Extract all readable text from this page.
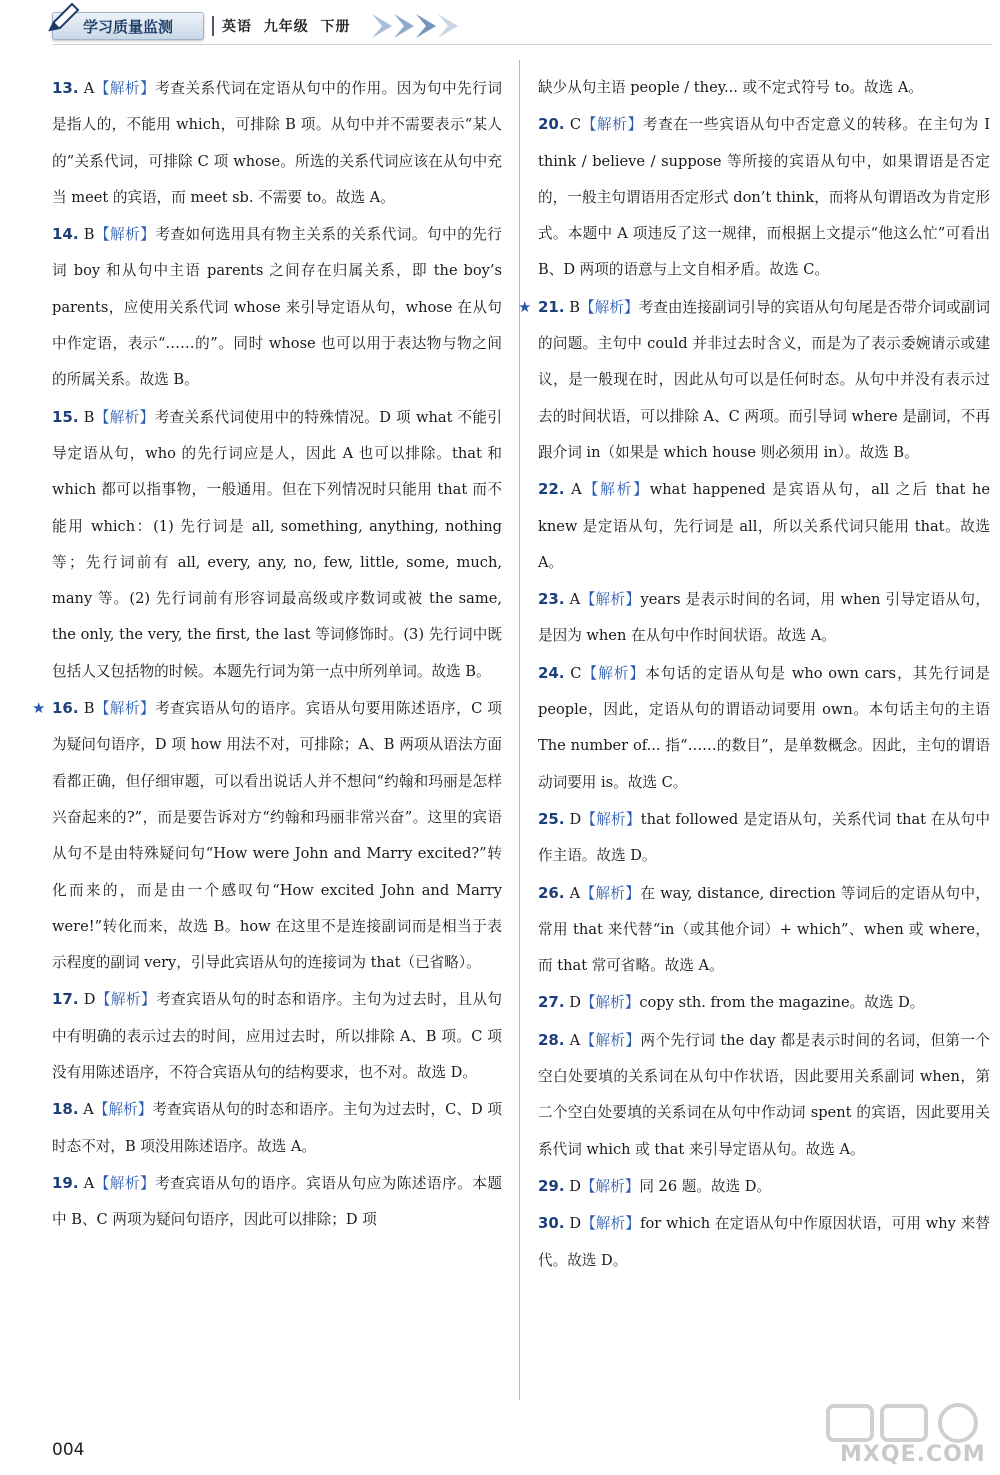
学习质量监测	英语 九年级 下册
13. A【解析】考查关系代词在定语从句中的作用。因为句中先行词是指人的，不能用 which，可排除 B 项。从句中并不需要表示“某人的”关系代词，可排除 C 项 whose。所选的关系代词应该在从句中充当 meet 的宾语，而 meet sb. 不需要 to。故选 A。
14. B【解析】考查如何选用具有物主关系的关系代词。句中的先行词 boy 和从句中主语 parents 之间存在归属关系，即 the boy’s parents，应使用关系代词 whose 来引导定语从句，whose 在从句中作定语，表示“……的”。同时 whose 也可以用于表达物与物之间的所属关系。故选 B。
15. B【解析】考查关系代词使用中的特殊情况。D 项 what 不能引导定语从句，who 的先行词应是人，因此 A 也可以排除。that 和 which 都可以指事物，一般通用。但在下列情况时只能用 that 而不能用 which：(1) 先行词是 all, something, anything, nothing 等；先行词前有 all, every, any, no, few, little, some, much, many 等。(2) 先行词前有形容词最高级或序数词或被 the same, the only, the very, the first, the last 等词修饰时。(3) 先行词中既包括人又包括物的时候。本题先行词为第一点中所列单词。故选 B。
★ 16. B【解析】考查宾语从句的语序。宾语从句要用陈述语序，C 项为疑问句语序，D 项 how 用法不对，可排除；A、B 两项从语法方面看都正确，但仔细审题，可以看出说话人并不想问“约翰和玛丽是怎样兴奋起来的?”，而是要告诉对方“约翰和玛丽非常兴奋”。这里的宾语从句不是由特殊疑问句“How were John and Marry excited?”转化而来的，而是由一个感叹句“How excited John and Marry were!”转化而来，故选 B。how 在这里不是连接副词而是相当于表示程度的副词 very，引导此宾语从句的连接词为 that（已省略）。
17. D【解析】考查宾语从句的时态和语序。主句为过去时，且从句中有明确的表示过去的时间，应用过去时，所以排除 A、B 项。C 项没有用陈述语序，不符合宾语从句的结构要求，也不对。故选 D。
18. A【解析】考查宾语从句的时态和语序。主句为过去时，C、D 项时态不对，B 项没用陈述语序。故选 A。
19. A【解析】考查宾语从句的语序。宾语从句应为陈述语序。本题中 B、C 两项为疑问句语序，因此可以排除；D 项
缺少从句主语 people / they... 或不定式符号 to。故选 A。
20. C【解析】考查在一些宾语从句中否定意义的转移。在主句为 I think / believe / suppose 等所接的宾语从句中，如果谓语是否定的，一般主句谓语用否定形式 don’t think，而将从句谓语改为肯定形式。本题中 A 项违反了这一规律，而根据上文提示“他这么忙”可看出 B、D 两项的语意与上文自相矛盾。故选 C。
★ 21. B【解析】考查由连接副词引导的宾语从句句尾是否带介词或副词的问题。主句中 could 并非过去时含义，而是为了表示委婉请示或建议，是一般现在时，因此从句可以是任何时态。从句中并没有表示过去的时间状语，可以排除 A、C 两项。而引导词 where 是副词，不再跟介词 in（如果是 which house 则必须用 in）。故选 B。
22. A【解析】what happened 是宾语从句，all 之后 that he knew 是定语从句，先行词是 all，所以关系代词只能用 that。故选 A。
23. A【解析】years 是表示时间的名词，用 when 引导定语从句，是因为 when 在从句中作时间状语。故选 A。
24. C【解析】本句话的定语从句是 who own cars，其先行词是 people，因此，定语从句的谓语动词要用 own。本句话主句的主语 The number of... 指“……的数目”，是单数概念。因此，主句的谓语动词要用 is。故选 C。
25. D【解析】that followed 是定语从句，关系代词 that 在从句中作主语。故选 D。
26. A【解析】在 way, distance, direction 等词后的定语从句中，常用 that 来代替“in（或其他介词）+ which”、when 或 where，而 that 常可省略。故选 A。
27. D【解析】copy sth. from the magazine。故选 D。
28. A【解析】两个先行词 the day 都是表示时间的名词，但第一个空白处要填的关系词在从句中作状语，因此要用关系副词 when，第二个空白处要填的关系词在从句中作动词 spent 的宾语，因此要用关系代词 which 或 that 来引导定语从句。故选 A。
29. D【解析】同 26 题。故选 D。
30. D【解析】for which 在定语从句中作原因状语，可用 why 来替代。故选 D。
004	MXQE.COM
